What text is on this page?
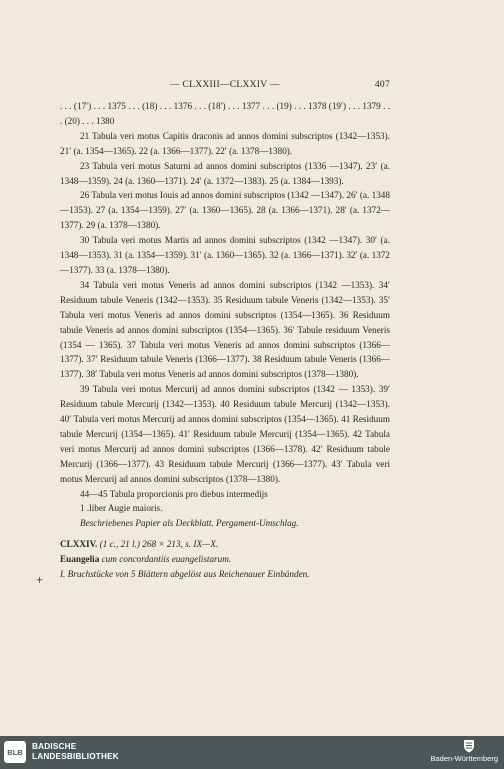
— CLXXIII—CLXXIV —	407

. . . (17′) . . . 1375 . . . (18) . . . 1376 . . . (18′) . . . 1377 . . . (19) . . . 1378 (19′) . . . 1379 . . . (20) . . . 1380

21 Tabula veri motus Capitis draconis ad annos domini subscriptos (1342—1353). 21′ (a. 1354—1365). 22 (a. 1366—1377). 22′ (a. 1378—1380).

23 Tabula veri motus Saturni ad annos domini subscriptos (1336 —1347). 23′ (a. 1348—1359). 24 (a. 1360—1371). 24′ (a. 1372—1383). 25 (a. 1384—1393).

26 Tabula veri motus Iouis ad annos domini subscriptos (1342 —1347). 26′ (a. 1348—1353). 27 (a. 1354—1359). 27′ (a. 1360—1365). 28 (a. 1366—1371). 28′ (a. 1372—1377). 29 (a. 1378—1380).

30 Tabula veri motus Martis ad annos domini subscriptos (1342 —1347). 30′ (a. 1348—1353). 31 (a. 1354—1359). 31′ (a. 1360—1365). 32 (a. 1366—1371). 32′ (a. 1372—1377). 33 (a. 1378—1380).

34 Tabula veri motus Veneris ad annos domini subscriptos (1342 —1353). 34′ Residuum tabule Veneris (1342—1353). 35 Residuum tabule Veneris (1342—1353). 35′ Tabula veri motus Veneris ad annos domini subscriptos (1354—1365). 36 Residuum tabule Veneris ad annos domini subscriptos (1354—1365). 36′ Tabule residuum Veneris (1354 — 1365). 37 Tabula veri motus Veneris ad annos domini subscriptos (1366—1377). 37′ Residuum tabule Veneris (1366—1377). 38 Residuum tabule Veneris (1366—1377). 38′ Tabula veri motus Veneris ad annos domini subscriptos (1378—1380).

39 Tabula veri motus Mercurij ad annos domini subscriptos (1342 — 1353). 39′ Residuum tabule Mercurij (1342—1353). 40 Residuum tabule Mercurij (1342—1353). 40′ Tabula veri motus Mercurij ad annos domini subscriptos (1354—1365). 41 Residuum tabule Mercurij (1354—1365). 41′ Residuum tabule Mercurij (1354—1365). 42 Tabula veri motus Mercurij ad annos domini subscriptos (1366—1378). 42′ Residuum tabule Mercurij (1366—1377). 43 Residuum tabule Mercurij (1366—1377). 43′ Tabula veri motus Mercurij ad annos domini subscriptos (1378—1380).

44—45 Tabula proporcionis pro diebus intermedijs

1 .liber Augie maioris.

Beschriebenes Papier als Deckblatt. Pergament-Umschlag.

CLXXIV. (1 c., 21 l.) 268 × 213, s. IX—X.

Euangelia cum concordantiis euangelistarum.

I. Bruchstücke von 5 Blättern abgelöst aus Reichenauer Einbänden.

+
BLB
BADISCHE
LANDESBIBLIOTHEK	Baden-Württemberg
